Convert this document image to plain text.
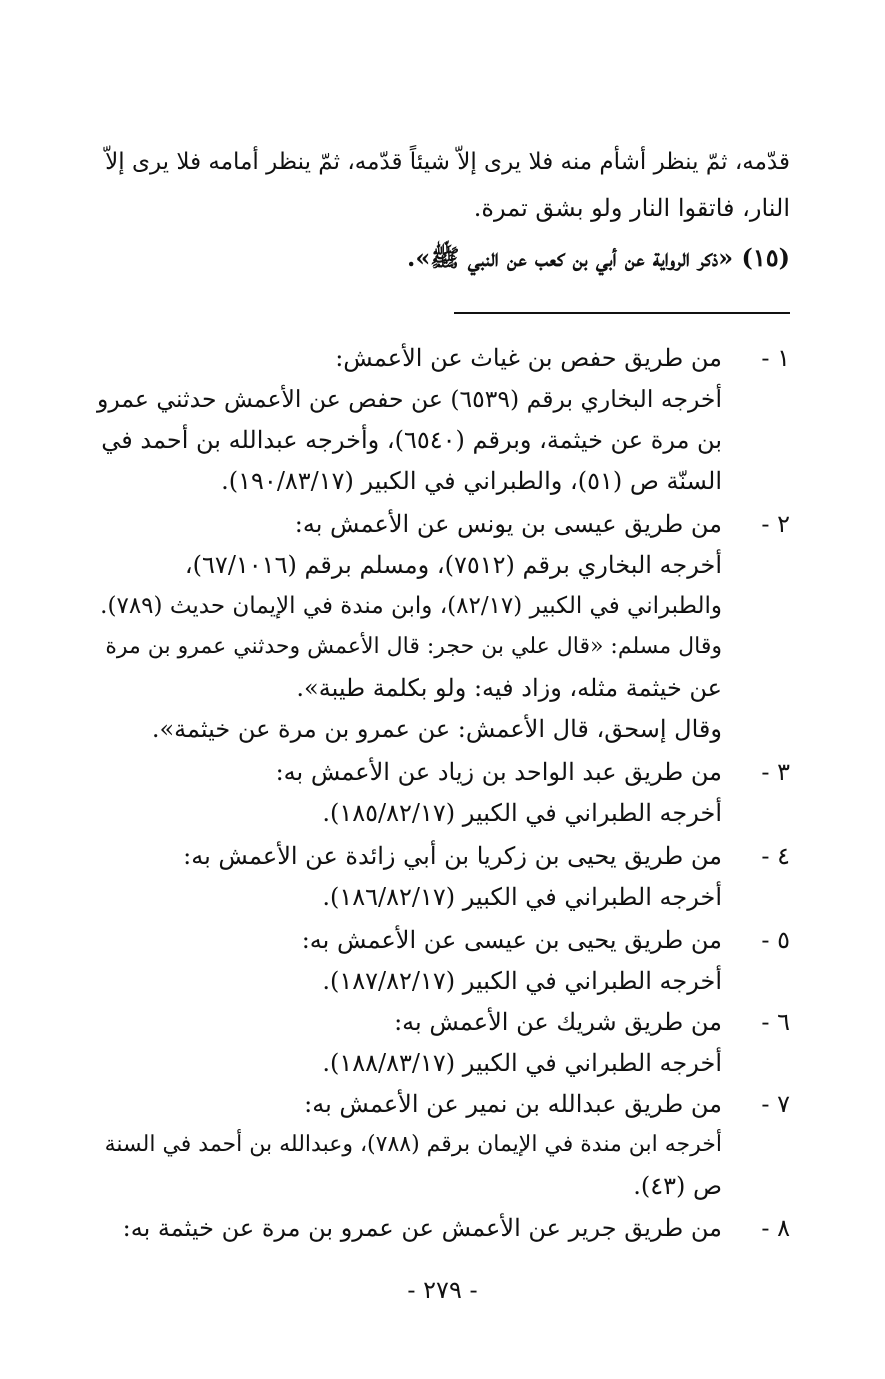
قدّمه، ثمّ ينظر أشأم منه فلا يرى إلاّ شيئاً قدّمه، ثمّ ينظر أمامه فلا يرى إلاّ
النار، فاتقوا النار ولو بشق تمرة.
(١٥) «ذكر الرواية عن أبي بن كعب عن النبي ﷺ».
١ -
من طريق حفص بن غياث عن الأعمش:
أخرجه البخاري برقم (٦٥٣٩) عن حفص عن الأعمش حدثني عمرو
بن مرة عن خيثمة، وبرقم (٦٥٤٠)، وأخرجه عبدالله بن أحمد في
السنّة ص (٥١)، والطبراني في الكبير (١٩٠/٨٣/١٧).
٢ -
من طريق عيسى بن يونس عن الأعمش به:
أخرجه البخاري برقم (٧٥١٢)، ومسلم برقم (٦٧/١٠١٦)،
والطبراني في الكبير (٨٢/١٧)، وابن مندة في الإيمان حديث (٧٨٩).
وقال مسلم: «قال علي بن حجر: قال الأعمش وحدثني عمرو بن مرة
عن خيثمة مثله، وزاد فيه: ولو بكلمة طيبة».
وقال إسحق، قال الأعمش: عن عمرو بن مرة عن خيثمة».
٣ -
من طريق عبد الواحد بن زياد عن الأعمش به:
أخرجه الطبراني في الكبير (١٨٥/٨٢/١٧).
٤ -
من طريق يحيى بن زكريا بن أبي زائدة عن الأعمش به:
أخرجه الطبراني في الكبير (١٨٦/٨٢/١٧).
٥ -
من طريق يحيى بن عيسى عن الأعمش به:
أخرجه الطبراني في الكبير (١٨٧/٨٢/١٧).
٦ -
من طريق شريك عن الأعمش به:
أخرجه الطبراني في الكبير (١٨٨/٨٣/١٧).
٧ -
من طريق عبدالله بن نمير عن الأعمش به:
أخرجه ابن مندة في الإيمان برقم (٧٨٨)، وعبدالله بن أحمد في السنة
ص (٤٣).
٨ -
من طريق جرير عن الأعمش عن عمرو بن مرة عن خيثمة به:
- ٢٧٩ -
